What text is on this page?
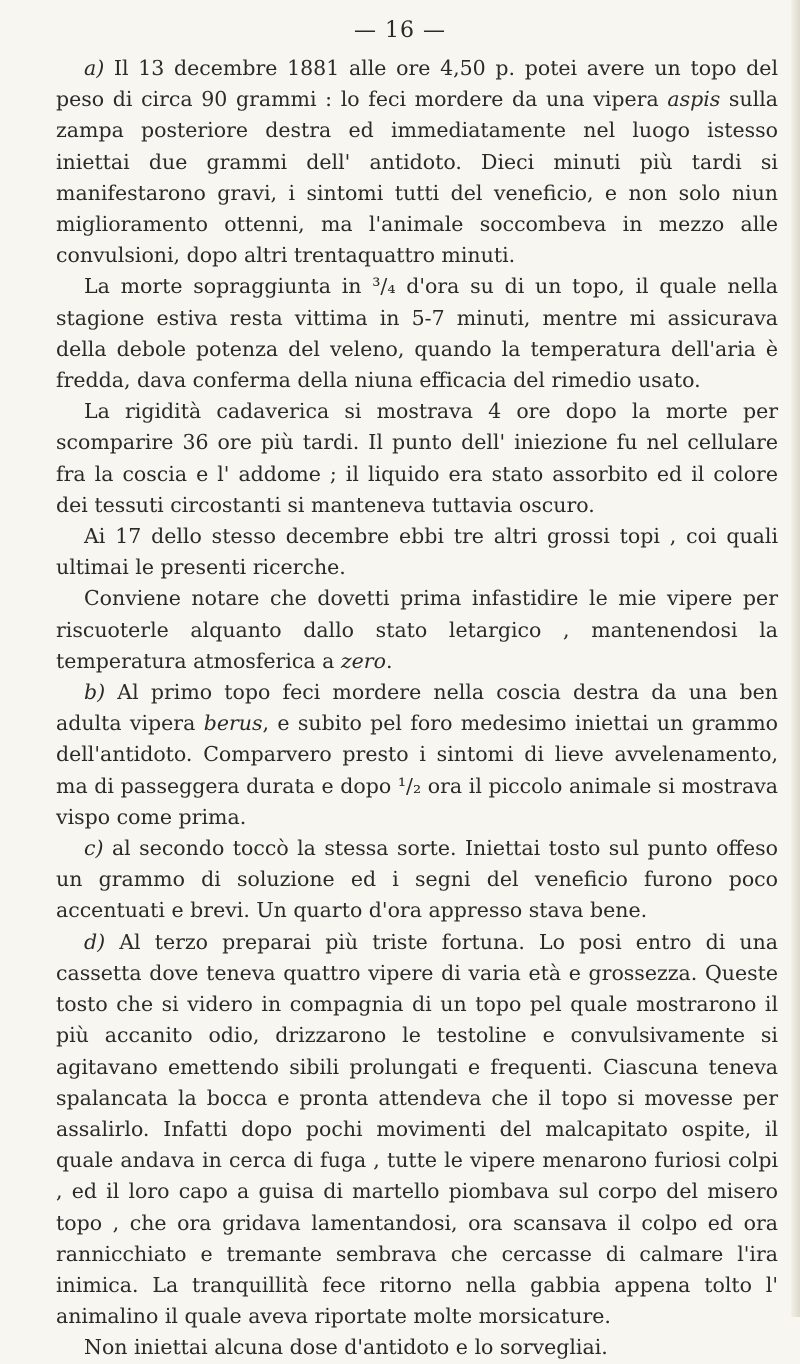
— 16 —

a) Il 13 decembre 1881 alle ore 4,50 p. potei avere un topo del peso di circa 90 grammi : lo feci mordere da una vipera aspis sulla zampa posteriore destra ed immediatamente nel luogo istesso iniettai due grammi dell' antidoto. Dieci minuti più tardi si manifestarono gravi, i sintomi tutti del veneficio, e non solo niun miglioramento ottenni, ma l'animale soccombeva in mezzo alle convulsioni, dopo altri trentaquattro minuti.

La morte sopraggiunta in ³/₄ d'ora su di un topo, il quale nella stagione estiva resta vittima in 5-7 minuti, mentre mi assicurava della debole potenza del veleno, quando la temperatura dell'aria è fredda, dava conferma della niuna efficacia del rimedio usato.

La rigidità cadaverica si mostrava 4 ore dopo la morte per scomparire 36 ore più tardi. Il punto dell' iniezione fu nel cellulare fra la coscia e l' addome ; il liquido era stato assorbito ed il colore dei tessuti circostanti si manteneva tuttavia oscuro.

Ai 17 dello stesso decembre ebbi tre altri grossi topi , coi quali ultimai le presenti ricerche.

Conviene notare che dovetti prima infastidire le mie vipere per riscuoterle alquanto dallo stato letargico , mantenendosi la temperatura atmosferica a zero.

b) Al primo topo feci mordere nella coscia destra da una ben adulta vipera berus, e subito pel foro medesimo iniettai un grammo dell'antidoto. Comparvero presto i sintomi di lieve avvelenamento, ma di passeggera durata e dopo ¹/₂ ora il piccolo animale si mostrava vispo come prima.

c) al secondo toccò la stessa sorte. Iniettai tosto sul punto offeso un grammo di soluzione ed i segni del veneficio furono poco accentuati e brevi. Un quarto d'ora appresso stava bene.

d) Al terzo preparai più triste fortuna. Lo posi entro di una cassetta dove teneva quattro vipere di varia età e grossezza. Queste tosto che si videro in compagnia di un topo pel quale mostrarono il più accanito odio, drizzarono le testoline e convulsivamente si agitavano emettendo sibili prolungati e frequenti. Ciascuna teneva spalancata la bocca e pronta attendeva che il topo si movesse per assalirlo. Infatti dopo pochi movimenti del malcapitato ospite, il quale andava in cerca di fuga , tutte le vipere menarono furiosi colpi , ed il loro capo a guisa di martello piombava sul corpo del misero topo , che ora gridava lamentandosi, ora scansava il colpo ed ora rannicchiato e tremante sembrava che cercasse di calmare l'ira inimica. La tranquillità fece ritorno nella gabbia appena tolto l' animalino il quale aveva riportate molte morsicature.

Non iniettai alcuna dose d'antidoto e lo sorvegliai.
